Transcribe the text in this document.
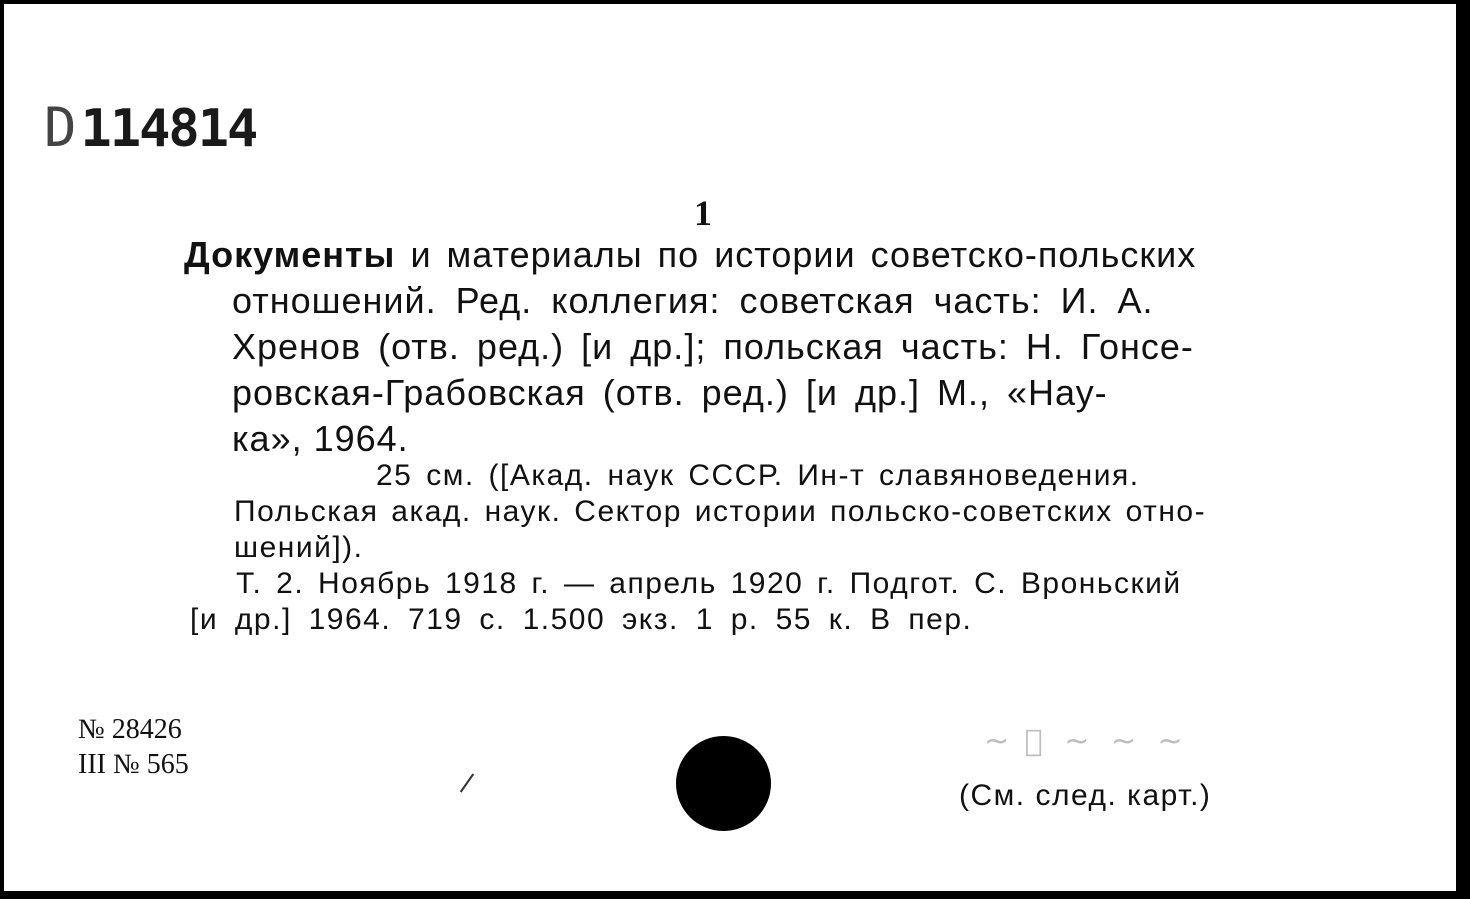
D 114814
1
Документы и материалы по истории советско-польских
отношений. Ред. коллегия: советская часть: И. А.
Хренов (отв. ред.) [и др.]; польская часть: Н. Гонсе-
ровская-Грабовская (отв. ред.) [и др.] М., «Нау-
ка», 1964.
25 см. ([Акад. наук СССР. Ин-т славяноведения.
Польская акад. наук. Сектор истории польско-советских отно-
шений]).
Т. 2. Ноябрь 1918 г. — апрель 1920 г. Подгот. С. Вроньский
[и др.] 1964. 719 с. 1.500 экз. 1 р. 55 к. В пер.
№ 28426
III № 565
~ ﾞ ~ ~ ~
(См. след. карт.)
